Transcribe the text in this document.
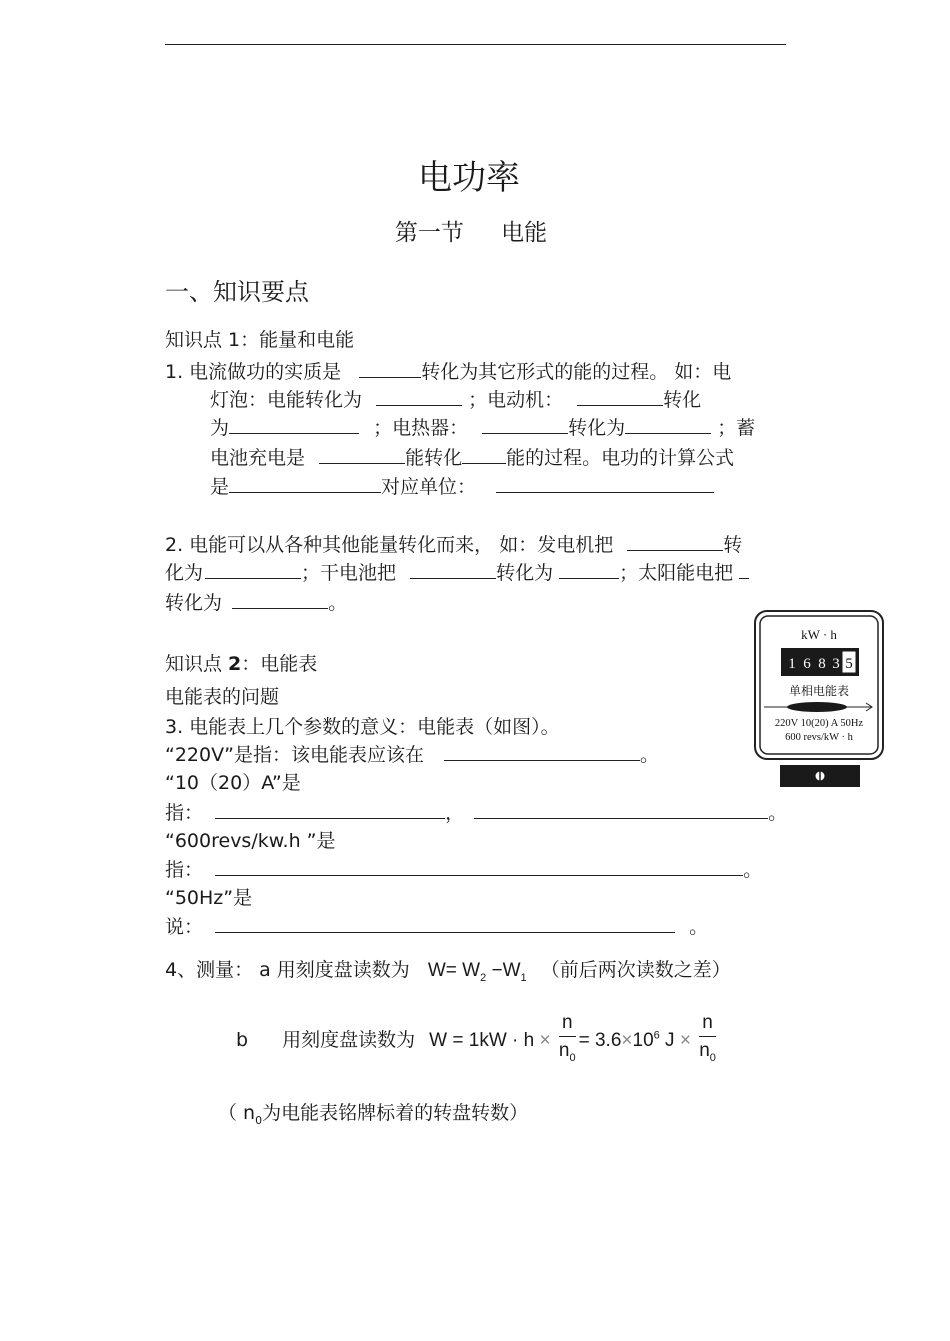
电功率
第一节 电能
一、知识要点
知识点 1：能量和电能
1. 电流做功的实质是	转化为其它形式的能的过程。 如：电
灯泡：电能转化为	；电动机：	转化
为	；电热器：	转化为	；蓄
电池充电是	能转化 能的过程。电功的计算公式
是	对应单位：
2. 电能可以从各种其他能量转化而来， 如：发电机把	转
化为	；干电池把	转化为	；太阳能电把
转化为	。
知识点 2：电能表
电能表的问题
3. 电能表上几个参数的意义：电能表（如图）。
“220V”是指：该电能表应该在	。
“10（20）A”是
指：	，	。
“600revs/kw.h ”是
指：	。
“50Hz”是
说：	。
4、测量： a 用刻度盘读数为 $W= W_2 -W_1$ （前后两次读数之差）
b 用刻度盘读数为 $W = 1kW \cdot h \times \frac{n}{n_0} = 3.6\times 10^6$ $J \times \frac{n}{n_0}$
（ $n_0$为电能表铭牌标着的转盘转数）
kW · h
1 6 8 3 5
单相电能表
220V 10(20) A 50Hz
600 revs/kW · h
